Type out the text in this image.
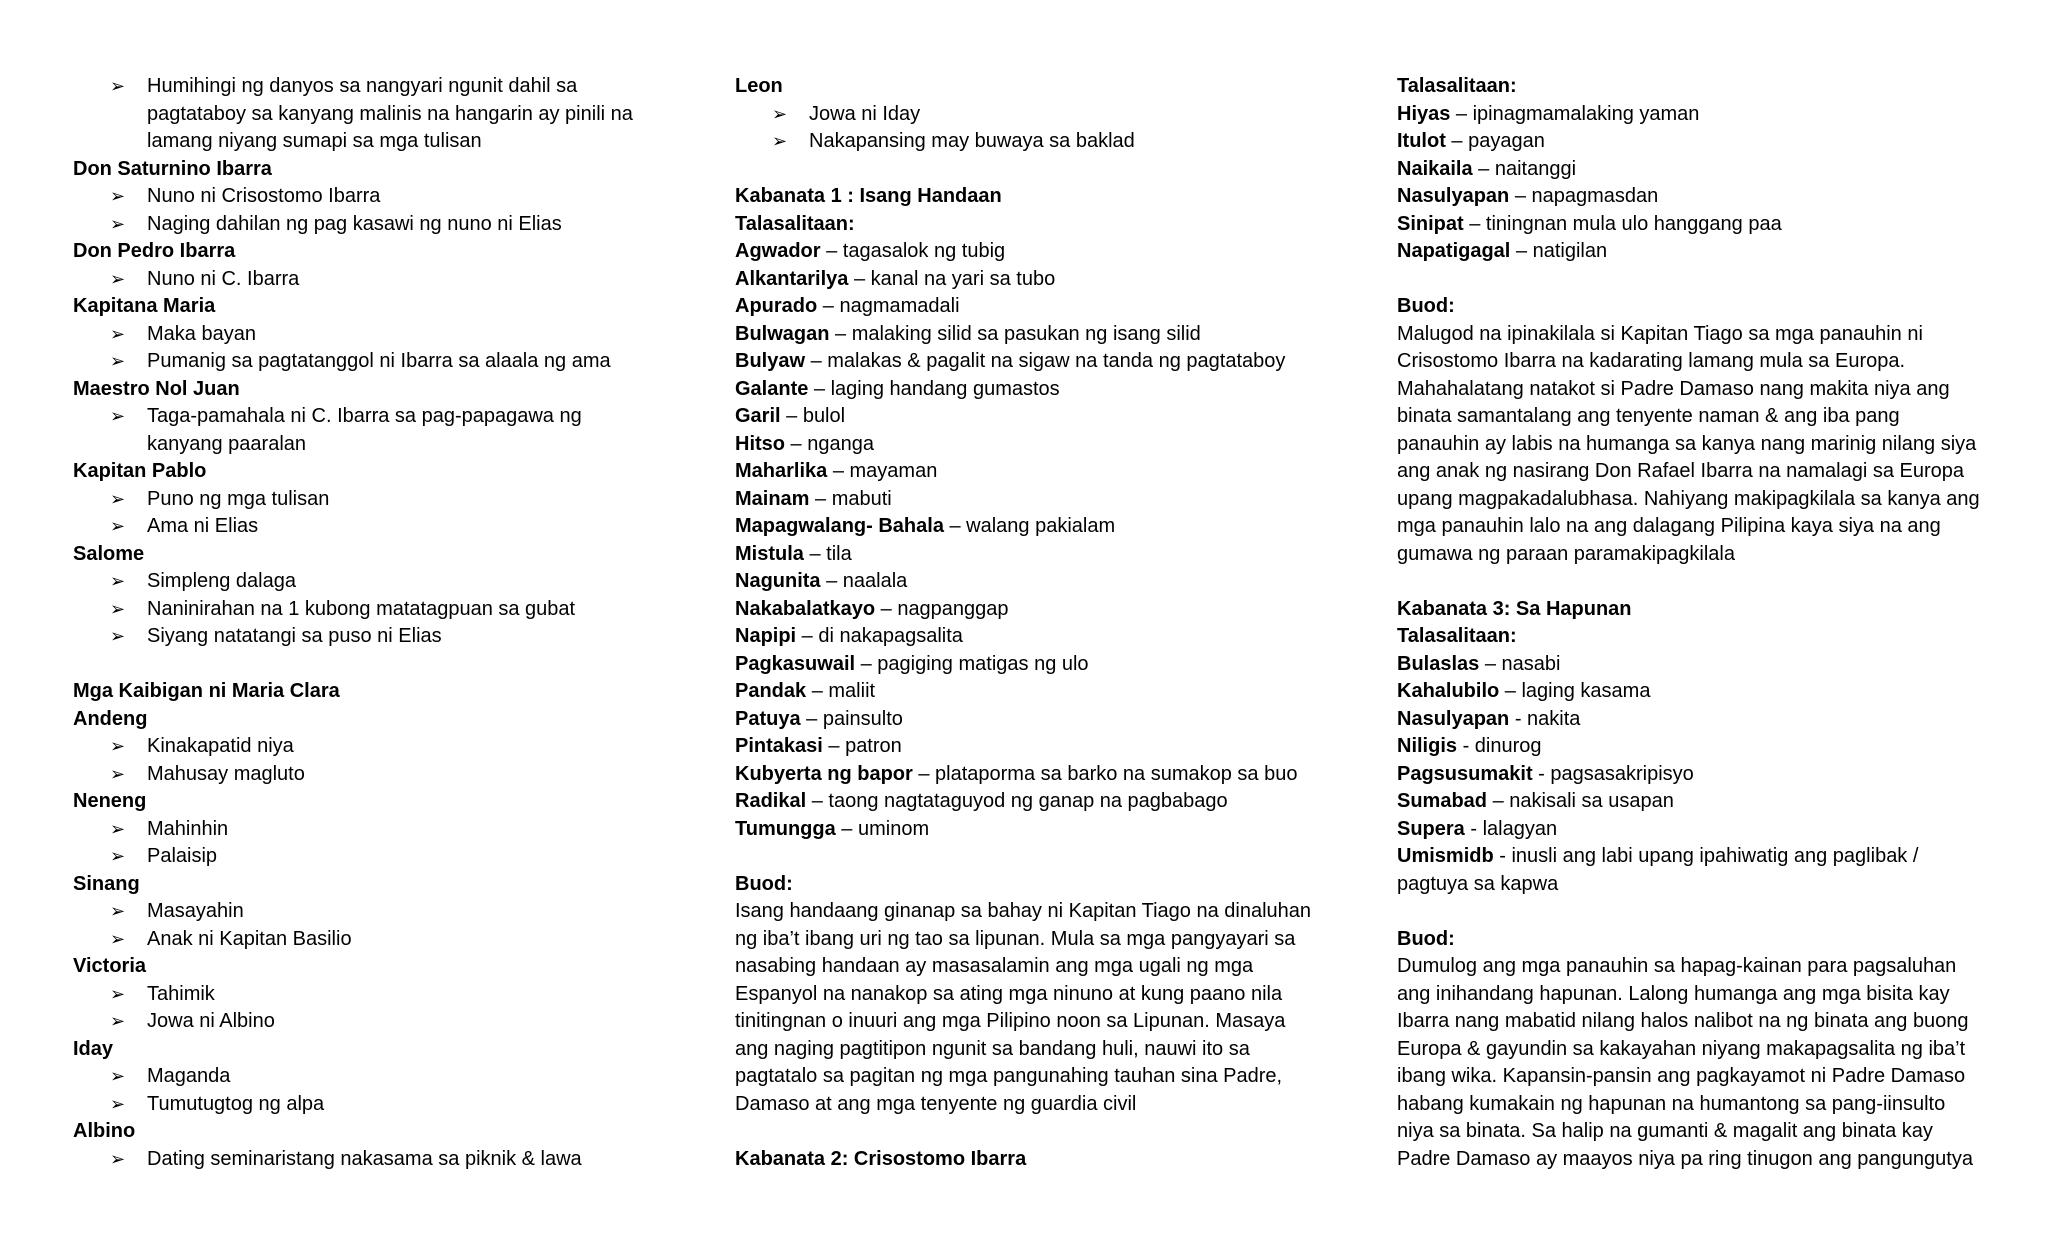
➢ Humihingi ng danyos sa nangyari ngunit dahil sa
pagtataboy sa kanyang malinis na hangarin ay pinili na
lamang niyang sumapi sa mga tulisan
Don Saturnino Ibarra
➢ Nuno ni Crisostomo Ibarra
➢ Naging dahilan ng pag kasawi ng nuno ni Elias
Don Pedro Ibarra
➢ Nuno ni C. Ibarra
Kapitana Maria
➢ Maka bayan
➢ Pumanig sa pagtatanggol ni Ibarra sa alaala ng ama
Maestro Nol Juan
➢ Taga-pamahala ni C. Ibarra sa pag-papagawa ng
kanyang paaralan
Kapitan Pablo
➢ Puno ng mga tulisan
➢ Ama ni Elias
Salome
➢ Simpleng dalaga
➢ Naninirahan na 1 kubong matatagpuan sa gubat
➢ Siyang natatangi sa puso ni Elias
Mga Kaibigan ni Maria Clara
Andeng
➢ Kinakapatid niya
➢ Mahusay magluto
Neneng
➢ Mahinhin
➢ Palaisip
Sinang
➢ Masayahin
➢ Anak ni Kapitan Basilio
Victoria
➢ Tahimik
➢ Jowa ni Albino
Iday
➢ Maganda
➢ Tumutugtog ng alpa
Albino
➢ Dating seminaristang nakasama sa piknik & lawa
Leon
➢ Jowa ni Iday
➢ Nakapansing may buwaya sa baklad
Kabanata 1 : Isang Handaan
Talasalitaan:
Agwador – tagasalok ng tubig
Alkantarilya – kanal na yari sa tubo
Apurado – nagmamadali
Bulwagan – malaking silid sa pasukan ng isang silid
Bulyaw – malakas & pagalit na sigaw na tanda ng pagtataboy
Galante – laging handang gumastos
Garil – bulol
Hitso – nganga
Maharlika – mayaman
Mainam – mabuti
Mapagwalang- Bahala – walang pakialam
Mistula – tila
Nagunita – naalala
Nakabalatkayo – nagpanggap
Napipi – di nakapagsalita
Pagkasuwail – pagiging matigas ng ulo
Pandak – maliit
Patuya – painsulto
Pintakasi – patron
Kubyerta ng bapor – plataporma sa barko na sumakop sa buo
Radikal – taong nagtataguyod ng ganap na pagbabago
Tumungga – uminom
Buod:
Isang handaang ginanap sa bahay ni Kapitan Tiago na dinaluhan
ng iba’t ibang uri ng tao sa lipunan. Mula sa mga pangyayari sa
nasabing handaan ay masasalamin ang mga ugali ng mga
Espanyol na nanakop sa ating mga ninuno at kung paano nila
tinitingnan o inuuri ang mga Pilipino noon sa Lipunan. Masaya
ang naging pagtitipon ngunit sa bandang huli, nauwi ito sa
pagtatalo sa pagitan ng mga pangunahing tauhan sina Padre,
Damaso at ang mga tenyente ng guardia civil
Kabanata 2: Crisostomo Ibarra
Talasalitaan:
Hiyas – ipinagmamalaking yaman
Itulot – payagan
Naikaila – naitanggi
Nasulyapan – napagmasdan
Sinipat – tiningnan mula ulo hanggang paa
Napatigagal – natigilan
Buod:
Malugod na ipinakilala si Kapitan Tiago sa mga panauhin ni
Crisostomo Ibarra na kadarating lamang mula sa Europa.
Mahahalatang natakot si Padre Damaso nang makita niya ang
binata samantalang ang tenyente naman & ang iba pang
panauhin ay labis na humanga sa kanya nang marinig nilang siya
ang anak ng nasirang Don Rafael Ibarra na namalagi sa Europa
upang magpakadalubhasa. Nahiyang makipagkilala sa kanya ang
mga panauhin lalo na ang dalagang Pilipina kaya siya na ang
gumawa ng paraan paramakipagkilala
Kabanata 3: Sa Hapunan
Talasalitaan:
Bulaslas – nasabi
Kahalubilo – laging kasama
Nasulyapan - nakita
Niligis - dinurog
Pagsusumakit - pagsasakripisyo
Sumabad – nakisali sa usapan
Supera - lalagyan
Umismidb - inusli ang labi upang ipahiwatig ang paglibak /
pagtuya sa kapwa
Buod:
Dumulog ang mga panauhin sa hapag-kainan para pagsaluhan
ang inihandang hapunan. Lalong humanga ang mga bisita kay
Ibarra nang mabatid nilang halos nalibot na ng binata ang buong
Europa & gayundin sa kakayahan niyang makapagsalita ng iba’t
ibang wika. Kapansin-pansin ang pagkayamot ni Padre Damaso
habang kumakain ng hapunan na humantong sa pang-iinsulto
niya sa binata. Sa halip na gumanti & magalit ang binata kay
Padre Damaso ay maayos niya pa ring tinugon ang pangungutya
